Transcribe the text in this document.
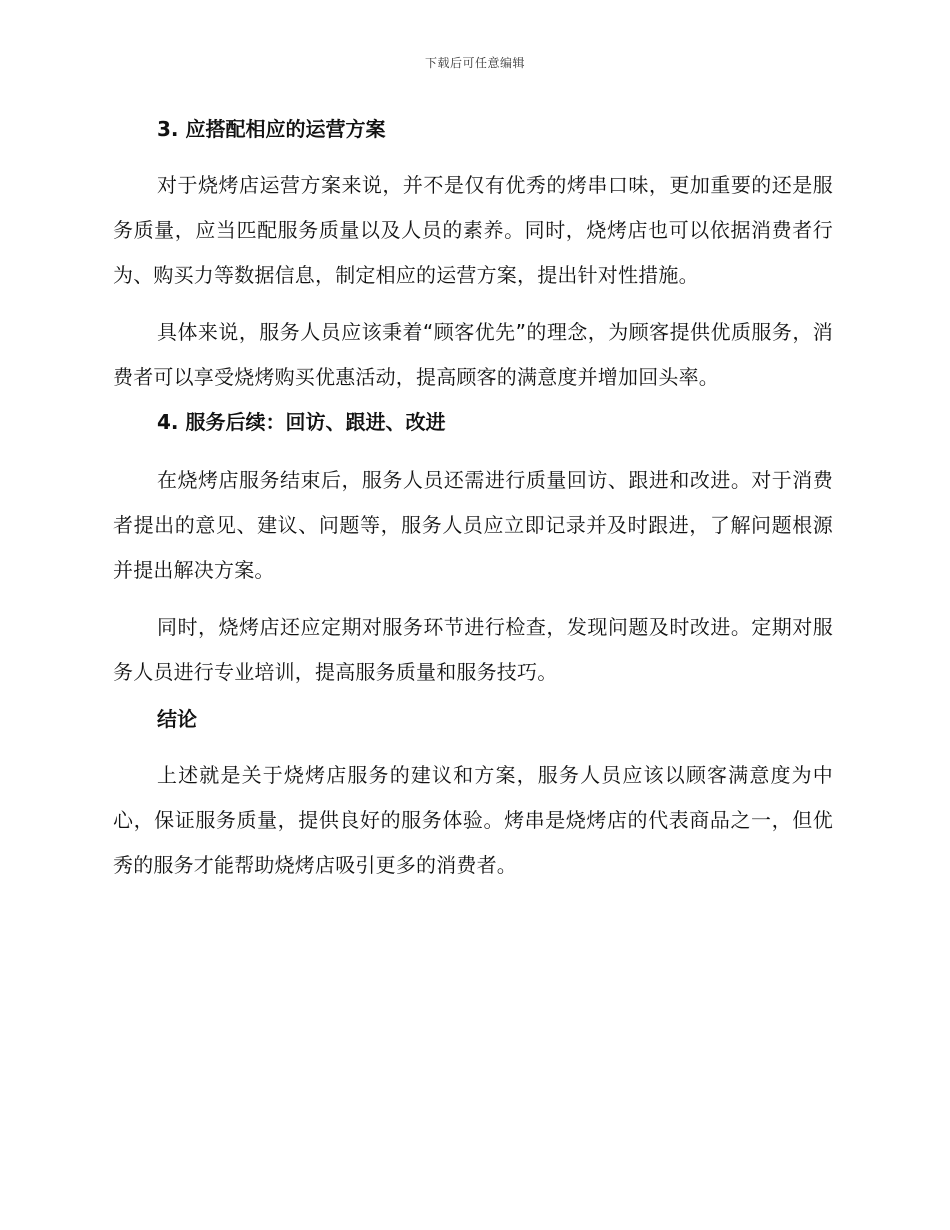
下载后可任意编辑

3. 应搭配相应的运营方案

对于烧烤店运营方案来说，并不是仅有优秀的烤串口味，更加重要的还是服务质量，应当匹配服务质量以及人员的素养。同时，烧烤店也可以依据消费者行为、购买力等数据信息，制定相应的运营方案，提出针对性措施。

具体来说，服务人员应该秉着“顾客优先”的理念，为顾客提供优质服务，消费者可以享受烧烤购买优惠活动，提高顾客的满意度并增加回头率。

4. 服务后续：回访、跟进、改进

在烧烤店服务结束后，服务人员还需进行质量回访、跟进和改进。对于消费者提出的意见、建议、问题等，服务人员应立即记录并及时跟进，了解问题根源并提出解决方案。

同时，烧烤店还应定期对服务环节进行检查，发现问题及时改进。定期对服务人员进行专业培训，提高服务质量和服务技巧。

结论

上述就是关于烧烤店服务的建议和方案，服务人员应该以顾客满意度为中心，保证服务质量，提供良好的服务体验。烤串是烧烤店的代表商品之一，但优秀的服务才能帮助烧烤店吸引更多的消费者。
